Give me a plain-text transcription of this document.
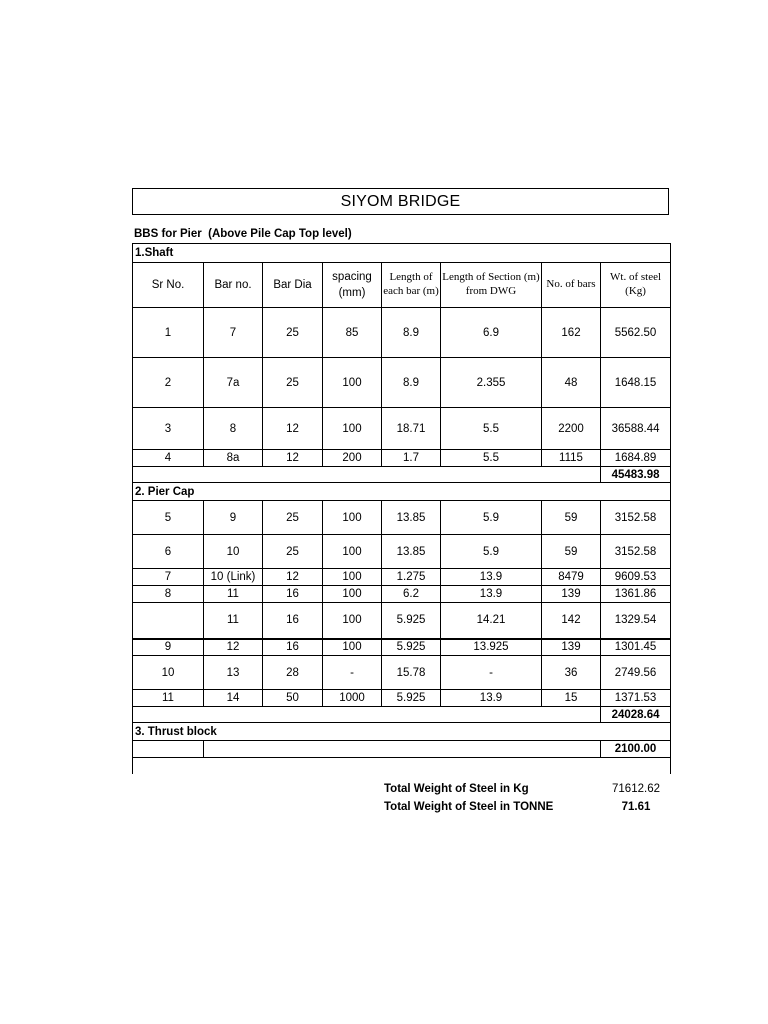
SIYOM BRIDGE
BBS for Pier  (Above Pile Cap Top level)
1.Shaft							
Sr No.	Bar no.	Bar Dia	spacing (mm)	Length of each bar (m)	Length of Section (m) from DWG	No. of bars	Wt. of steel (Kg)
1	7	25	85	8.9	6.9	162	5562.50
2	7a	25	100	8.9	2.355	48	1648.15
3	8	12	100	18.71	5.5	2200	36588.44
4	8a	12	200	1.7	5.5	1115	1684.89
							45483.98
2. Pier Cap							
5	9	25	100	13.85	5.9	59	3152.58
6	10	25	100	13.85	5.9	59	3152.58
7	10 (Link)	12	100	1.275	13.9	8479	9609.53
8	11	16	100	6.2	13.9	139	1361.86
	11	16	100	5.925	14.21	142	1329.54
9	12	16	100	5.925	13.925	139	1301.45
10	13	28	-	15.78	-	36	2749.56
11	14	50	1000	5.925	13.9	15	1371.53
							24028.64
3. Thrust block							
							2100.00

Total Weight of Steel in Kg	71612.62
Total Weight of Steel in TONNE	71.61
